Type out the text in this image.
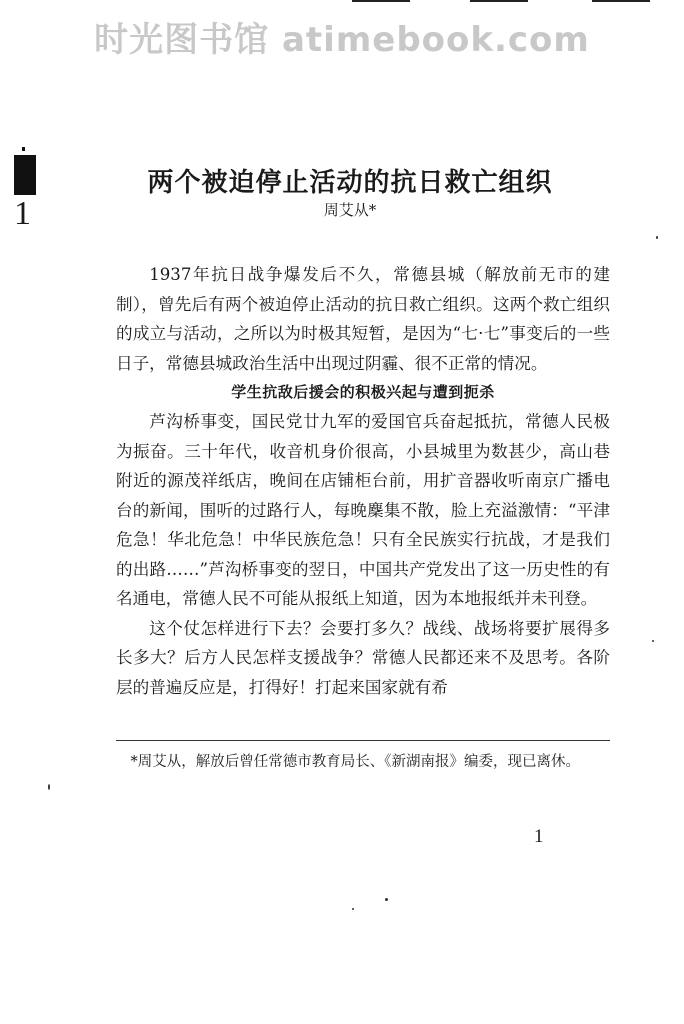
时光图书馆 atimebook.com
1
两个被迫停止活动的抗日救亡组织
周艾从*

1937年抗日战争爆发后不久，常德县城（解放前无市的建制），曾先后有两个被迫停止活动的抗日救亡组织。这两个救亡组织的成立与活动，之所以为时极其短暂，是因为“七·七”事变后的一些日子，常德县城政治生活中出现过阴霾、很不正常的情况。

学生抗敌后援会的积极兴起与遭到扼杀

芦沟桥事变，国民党廿九军的爱国官兵奋起抵抗，常德人民极为振奋。三十年代，收音机身价很高，小县城里为数甚少，高山巷附近的源茂祥纸店，晚间在店铺柜台前，用扩音器收听南京广播电台的新闻，围听的过路行人，每晚麇集不散，脸上充溢激情：“平津危急！华北危急！中华民族危急！只有全民族实行抗战，才是我们的出路……”芦沟桥事变的翌日，中国共产党发出了这一历史性的有名通电，常德人民不可能从报纸上知道，因为本地报纸并未刊登。

这个仗怎样进行下去？会要打多久？战线、战场将要扩展得多长多大？后方人民怎样支援战争？常德人民都还来不及思考。各阶层的普遍反应是，打得好！打起来国家就有希

*周艾从，解放后曾任常德市教育局长、《新湖南报》编委，现已离休。

1
